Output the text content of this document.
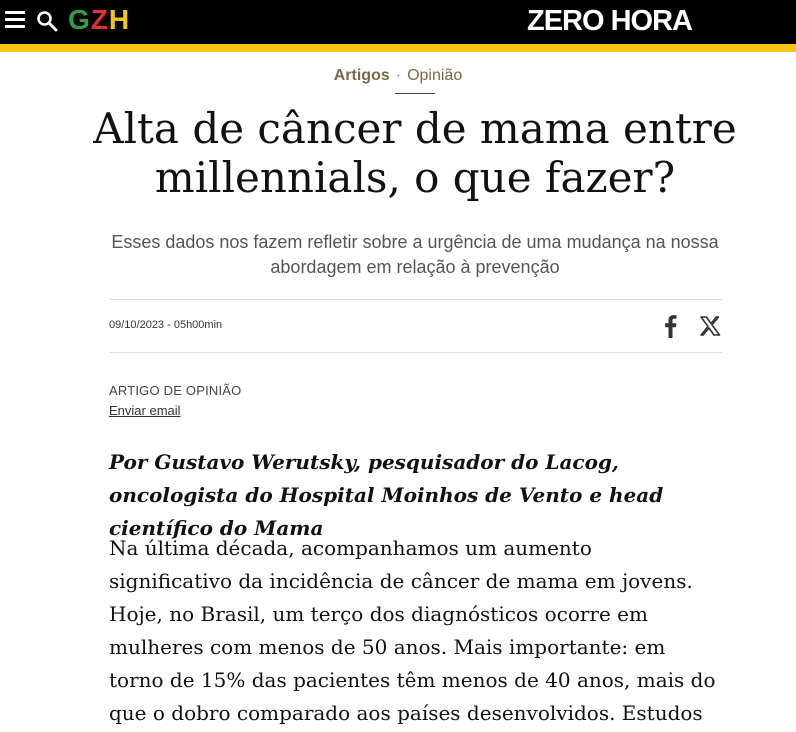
GZH	ZERO HORA
Artigos · Opinião
Alta de câncer de mama entre millennials, o que fazer?

Esses dados nos fazem refletir sobre a urgência de uma mudança na nossa abordagem em relação à prevenção

09/10/2023 - 05h00min
ARTIGO DE OPINIÃO
Enviar email

Por Gustavo Werutsky, pesquisador do Lacog, oncologista do Hospital Moinhos de Vento e head científico do Mama

Na última década, acompanhamos um aumento significativo da incidência de câncer de mama em jovens. Hoje, no Brasil, um terço dos diagnósticos ocorre em mulheres com menos de 50 anos. Mais importante: em torno de 15% das pacientes têm menos de 40 anos, mais do que o dobro comparado aos países desenvolvidos. Estudos
